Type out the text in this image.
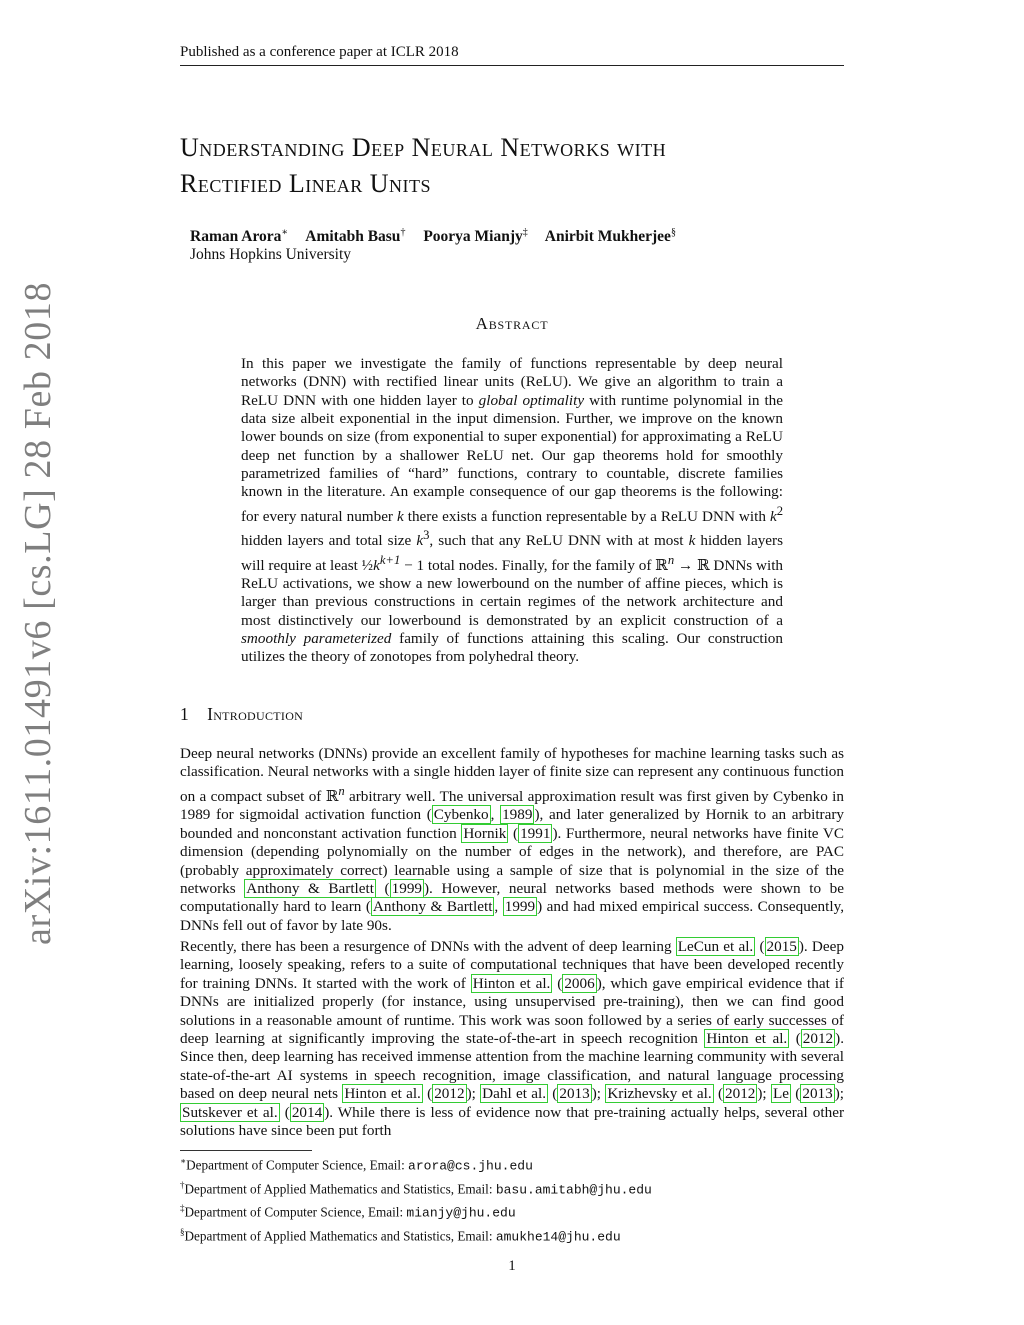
Published as a conference paper at ICLR 2018
Understanding Deep Neural Networks with
Rectified Linear Units
Raman Arora∗ Amitabh Basu† Poorya Mianjy‡ Anirbit Mukherjee§
Johns Hopkins University
Abstract
In this paper we investigate the family of functions representable by deep neural networks (DNN) with rectified linear units (ReLU). We give an algorithm to train a ReLU DNN with one hidden layer to global optimality with runtime polynomial in the data size albeit exponential in the input dimension. Further, we improve on the known lower bounds on size (from exponential to super exponential) for approximating a ReLU deep net function by a shallower ReLU net. Our gap theorems hold for smoothly parametrized families of “hard” functions, contrary to countable, discrete families known in the literature. An example consequence of our gap theorems is the following: for every natural number k there exists a function representable by a ReLU DNN with $k^2$ hidden layers and total size $k^3$, such that any ReLU DNN with at most k hidden layers will require at least $\frac{1}{2}k^{k+1} - 1$ total nodes. Finally, for the family of ℝ$^n$ → ℝ DNNs with ReLU activations, we show a new lowerbound on the number of affine pieces, which is larger than previous constructions in certain regimes of the network architecture and most distinctively our lowerbound is demonstrated by an explicit construction of a smoothly parameterized family of functions attaining this scaling. Our construction utilizes the theory of zonotopes from polyhedral theory.
arXiv:1611.01491v6 [cs.LG] 28 Feb 2018	1 Introduction
Deep neural networks (DNNs) provide an excellent family of hypotheses for machine learning tasks such as classification. Neural networks with a single hidden layer of finite size can represent any continuous function on a compact subset of ℝ$^n$ arbitrary well. The universal approximation result was first given by Cybenko in 1989 for sigmoidal activation function ( Cybenko , 1989 ), and later generalized by Hornik to an arbitrary bounded and nonconstant activation function Hornik ( 1991 ). Furthermore, neural networks have finite VC dimension (depending polynomially on the number of edges in the network), and therefore, are PAC (probably approximately correct) learnable using a sample of size that is polynomial in the size of the networks Anthony & Bartlett ( 1999 ). However, neural networks based methods were shown to be computationally hard to learn ( Anthony & Bartlett , 1999 ) and had mixed empirical success. Consequently, DNNs fell out of favor by late 90s.
Recently, there has been a resurgence of DNNs with the advent of deep learning LeCun et al. ( 2015 ). Deep learning, loosely speaking, refers to a suite of computational techniques that have been developed recently for training DNNs. It started with the work of Hinton et al. ( 2006 ), which gave empirical evidence that if DNNs are initialized properly (for instance, using unsupervised pre-training), then we can find good solutions in a reasonable amount of runtime. This work was soon followed by a series of early successes of deep learning at significantly improving the state-of-the-art in speech recognition Hinton et al. ( 2012 ). Since then, deep learning has received immense attention from the machine learning community with several state-of-the-art AI systems in speech recognition, image classification, and natural language processing based on deep neural nets Hinton et al. ( 2012 ); Dahl et al. ( 2013 ); Krizhevsky et al. ( 2012 ); Le ( 2013 ); Sutskever et al. ( 2014 ). While there is less of evidence now that pre-training actually helps, several other solutions have since been put forth
∗Department of Computer Science, Email: arora@cs.jhu.edu
†Department of Applied Mathematics and Statistics, Email: basu.amitabh@jhu.edu
‡Department of Computer Science, Email: mianjy@jhu.edu
§Department of Applied Mathematics and Statistics, Email: amukhe14@jhu.edu
1
